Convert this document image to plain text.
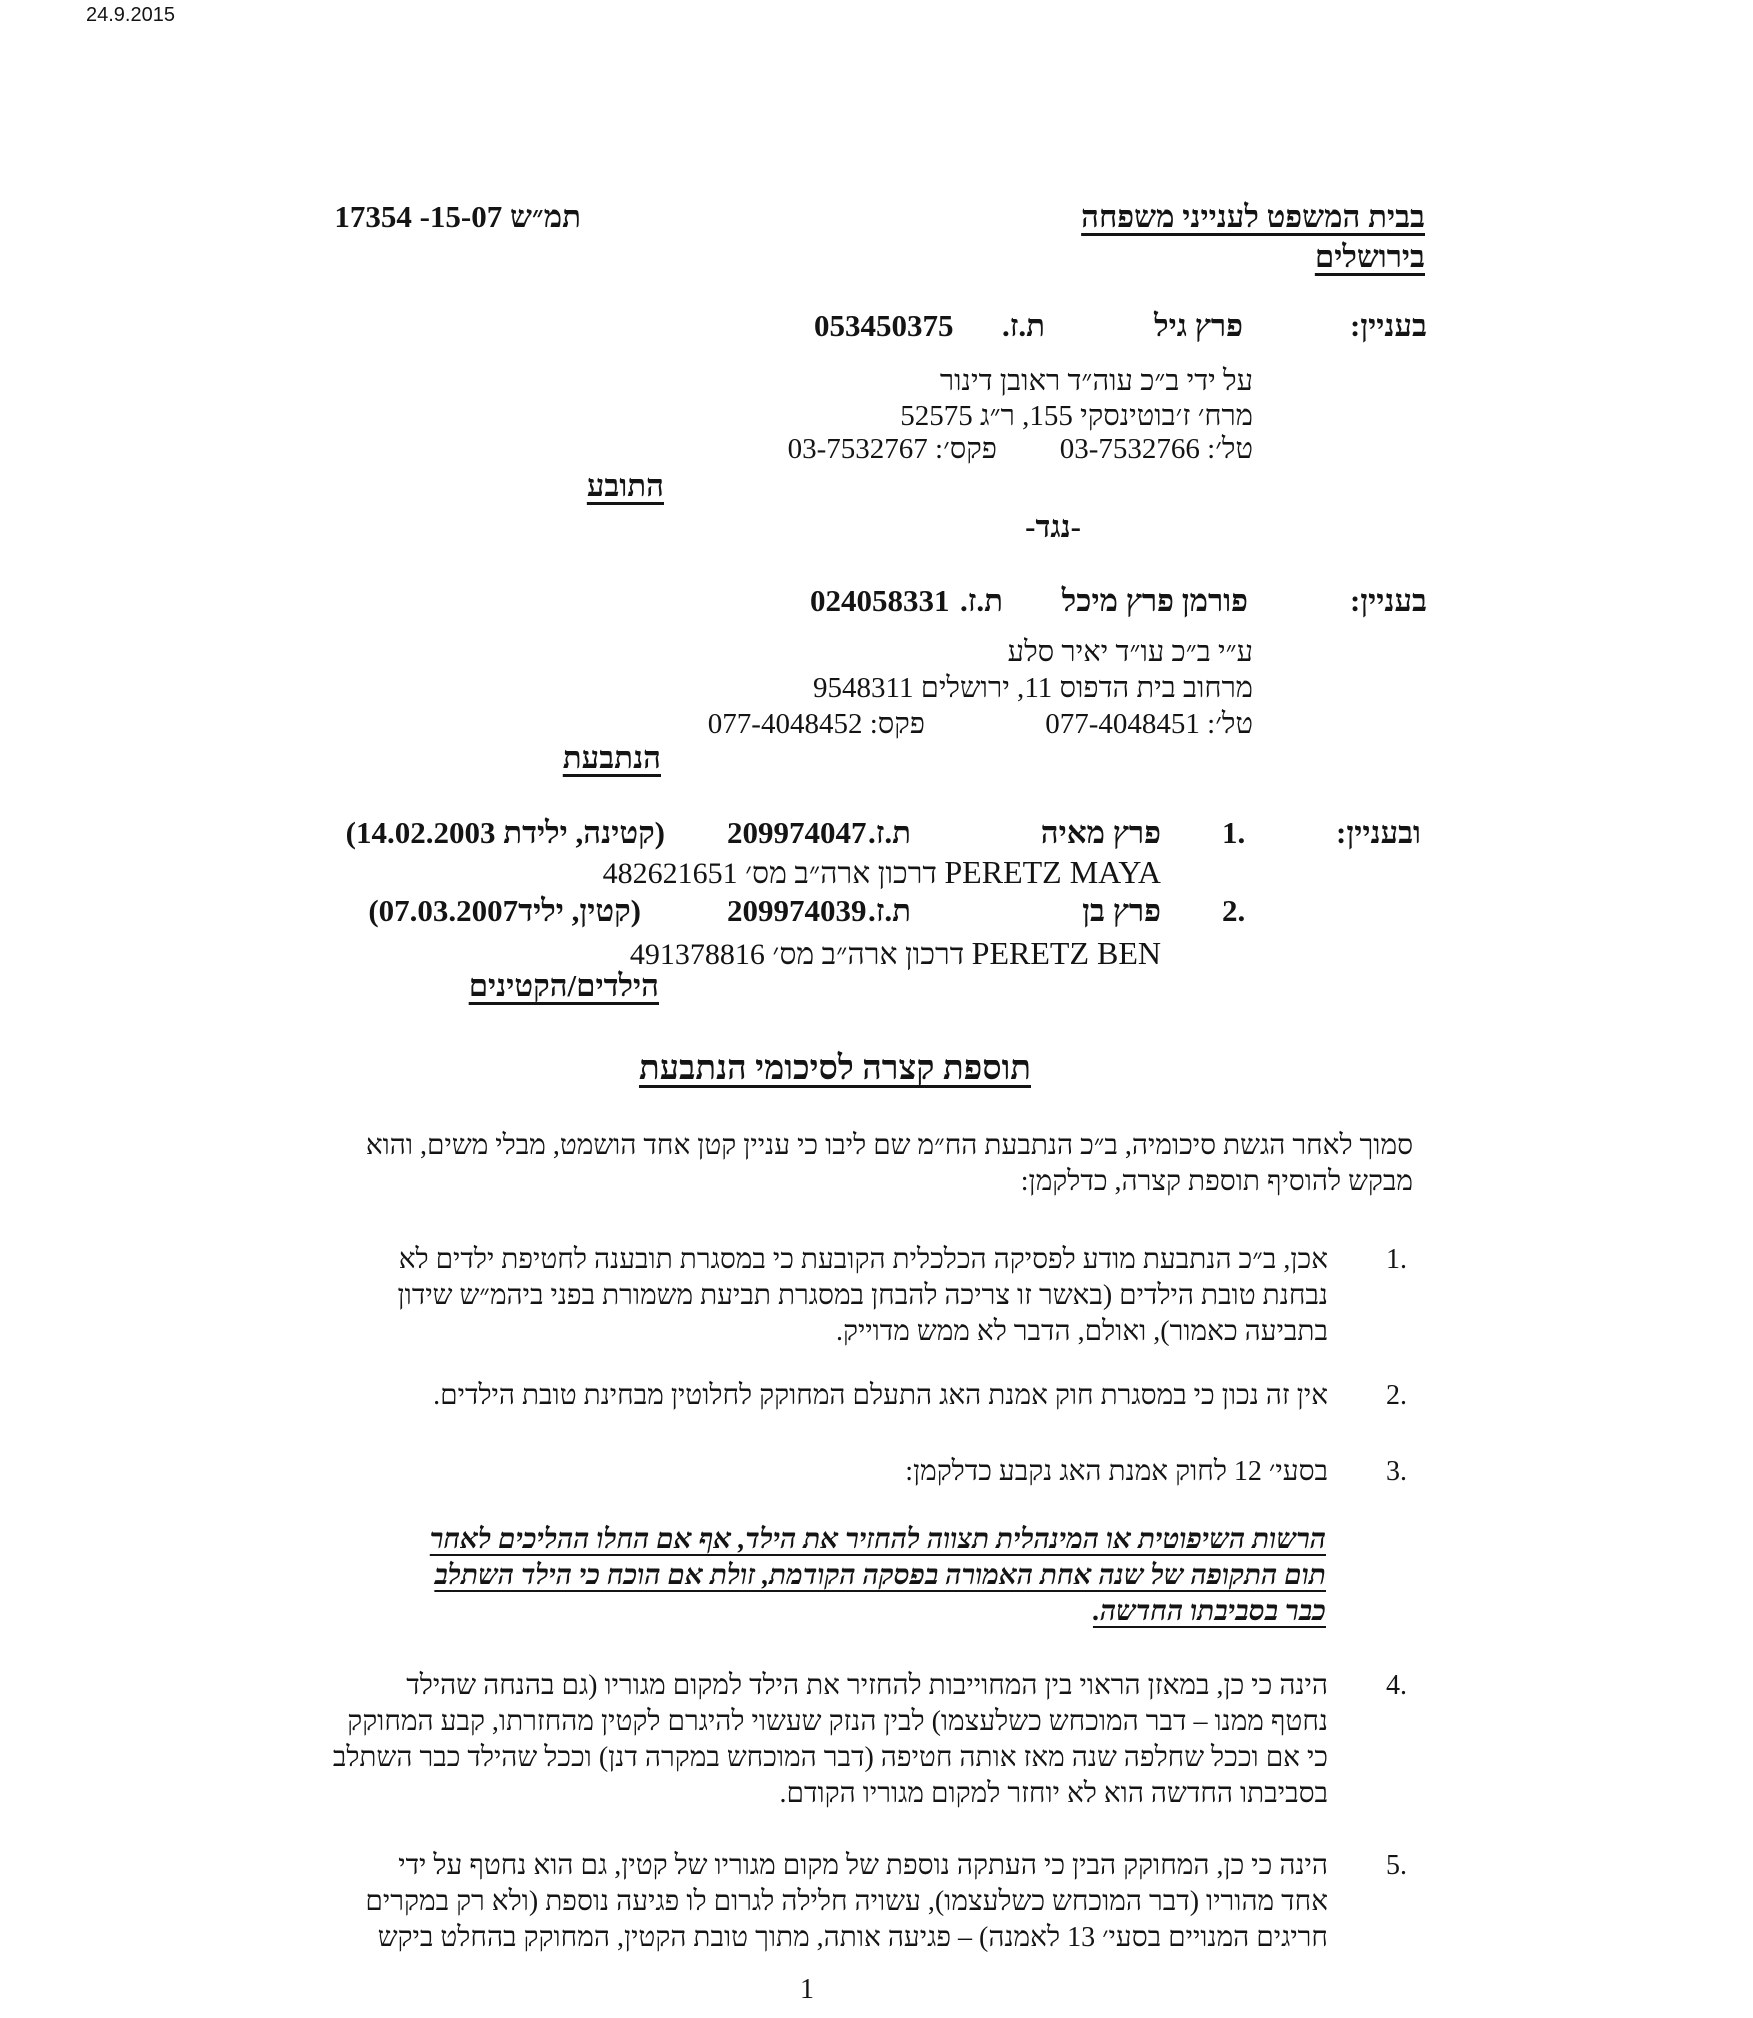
24.9.2015
בבית המשפט לענייני משפחה
בירושלים
תמ״ש 15-07- 17354
בעניין:
פרץ גיל
ת.ז.
053450375
על ידי ב״כ עוה״ד ראובן דינור
מרח׳ ז׳בוטינסקי 155, ר״ג 52575
טל׳: 03-7532766
פקס׳: 03-7532767
התובע
-נגד-
בעניין:
פורמן פרץ מיכל
ת.ז.
024058331
ע״י ב״כ עו״ד יאיר סלע
מרחוב בית הדפוס 11, ירושלים 9548311
טל׳: 077-4048451
פקס: 077-4048452
הנתבעת
ובעניין:
1.
פרץ מאיה
ת.ז.
209974047
(קטינה, ילידת 14.02.2003)
PERETZ MAYA דרכון ארה״ב מס׳ 482621651
2.
פרץ בן
ת.ז.
209974039
(קטין, יליד07.03.2007)
PERETZ BEN דרכון ארה״ב מס׳ 491378816
הילדים/הקטינים
תוספת קצרה לסיכומי הנתבעת
סמוך לאחר הגשת סיכומיה, ב״כ הנתבעת הח״מ שם ליבו כי עניין קטן אחד הושמט, מבלי משים, והוא
מבקש להוסיף תוספת קצרה, כדלקמן:
1.
אכן, ב״כ הנתבעת מודע לפסיקה הכלכלית הקובעת כי במסגרת תובענה לחטיפת ילדים לא
נבחנת טובת הילדים (באשר זו צריכה להבחן במסגרת תביעת משמורת בפני ביהמ״ש שידון
בתביעה כאמור), ואולם, הדבר לא ממש מדוייק.
2.
אין זה נכון כי במסגרת חוק אמנת האג התעלם המחוקק לחלוטין מבחינת טובת הילדים.
3.
בסעי׳ 12 לחוק אמנת האג נקבע כדלקמן:
הרשות השיפוטית או המינהלית תצווה להחזיר את הילד, אף אם החלו ההליכים לאחר
תום התקופה של שנה אחת האמורה בפסקה הקודמת, זולת אם הוכח כי הילד השתלב
כבר בסביבתו החדשה.
4.
הינה כי כן, במאזן הראוי בין המחוייבות להחזיר את הילד למקום מגוריו (גם בהנחה שהילד
נחטף ממנו – דבר המוכחש כשלעצמו) לבין הנזק שעשוי להיגרם לקטין מהחזרתו, קבע המחוקק
כי אם וככל שחלפה שנה מאז אותה חטיפה (דבר המוכחש במקרה דנן) וככל שהילד כבר השתלב
בסביבתו החדשה הוא לא יוחזר למקום מגוריו הקודם.
5.
הינה כי כן, המחוקק הבין כי העתקה נוספת של מקום מגוריו של קטין, גם הוא נחטף על ידי
אחד מהוריו (דבר המוכחש כשלעצמו), עשויה חלילה לגרום לו פגיעה נוספת (ולא רק במקרים
חריגים המנויים בסעי׳ 13 לאמנה) – פגיעה אותה, מתוך טובת הקטין, המחוקק בהחלט ביקש
1
